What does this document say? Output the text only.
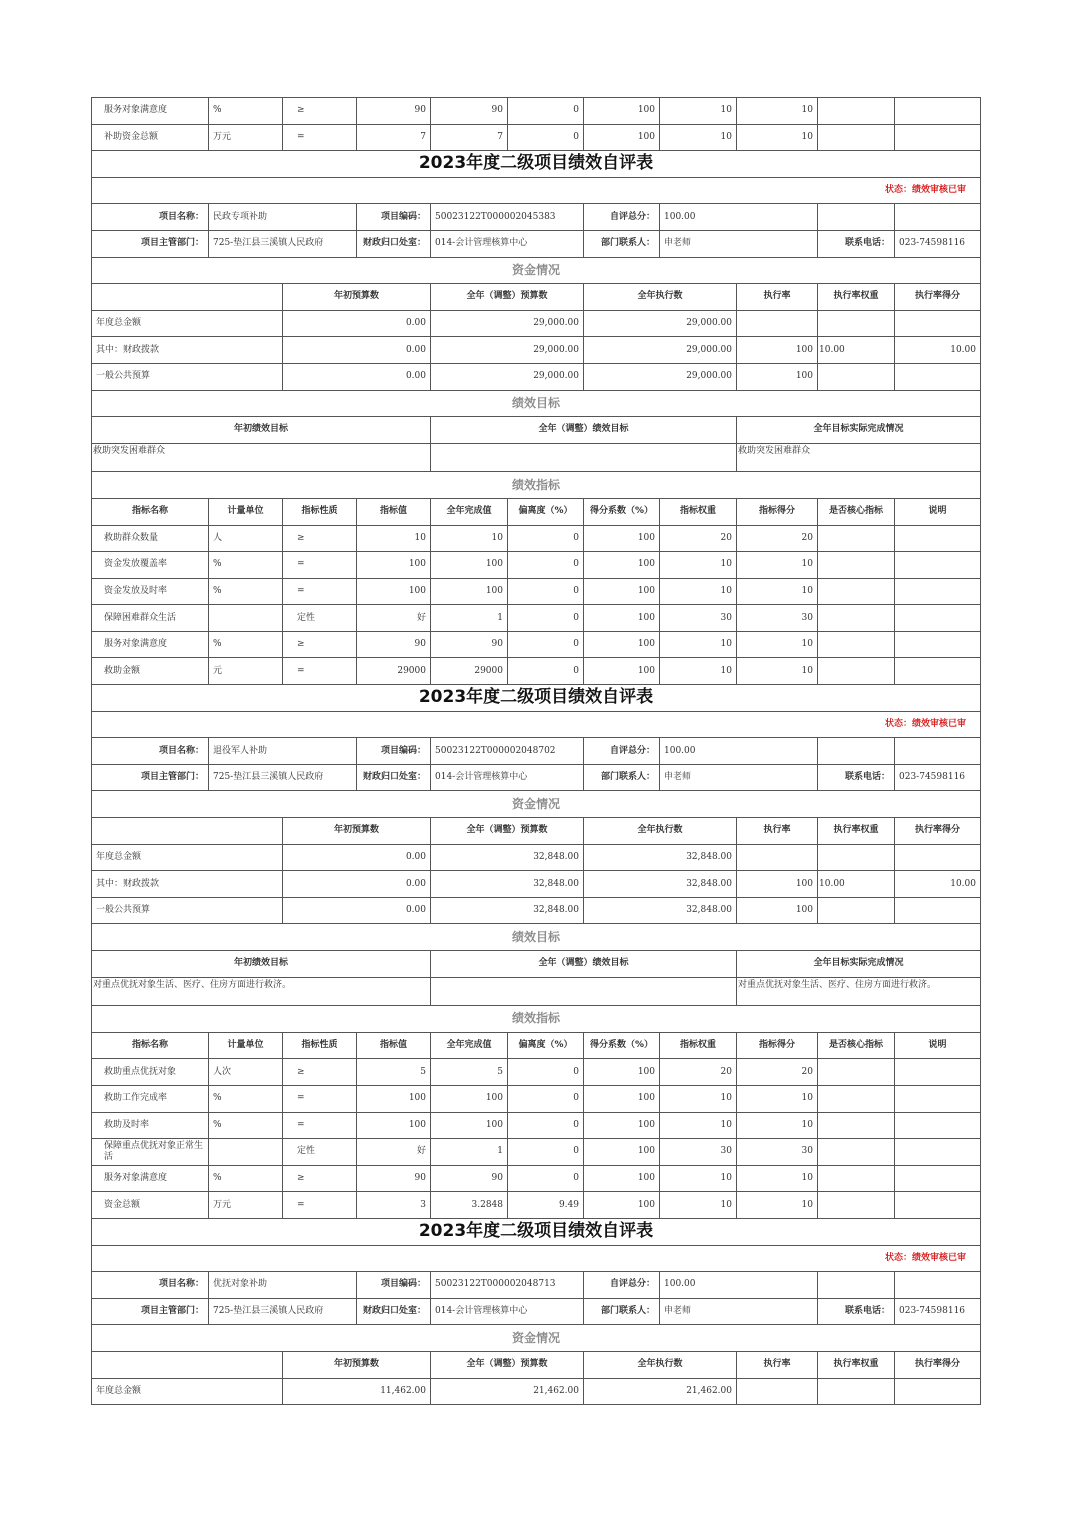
服务对象满意度	%	≥	90	90	0	100	10	10		
补助资金总额	万元	=	7	7	0	100	10	10		
2023年度二级项目绩效自评表										
状态：绩效审核已审										
项目名称：	民政专项补助		项目编码：	50023122T000002045383		自评总分：	100.00			
项目主管部门：	725-垫江县三溪镇人民政府		财政归口处室：	014-会计管理核算中心		部门联系人：	申老师		联系电话：	023-74598116
资金情况										
		年初预算数		全年（调整）预算数		全年执行数		执行率	执行率权重	执行率得分
年度总金额		0.00		29,000.00		29,000.00				
其中：财政拨款		0.00		29,000.00		29,000.00		100	10.00	10.00
一般公共预算		0.00		29,000.00		29,000.00		100		
绩效目标										
年初绩效目标				全年（调整）绩效目标				全年目标实际完成情况		
救助突发困难群众								救助突发困难群众		
绩效指标										
指标名称	计量单位	指标性质	指标值	全年完成值	偏离度（%）	得分系数（%）	指标权重	指标得分	是否核心指标	说明
救助群众数量	人	≥	10	10	0	100	20	20		
资金发放覆盖率	%	=	100	100	0	100	10	10		
资金发放及时率	%	=	100	100	0	100	10	10		
保障困难群众生活		定性	好	1	0	100	30	30		
服务对象满意度	%	≥	90	90	0	100	10	10		
救助金额	元	=	29000	29000	0	100	10	10		
2023年度二级项目绩效自评表										
状态：绩效审核已审										
项目名称：	退役军人补助		项目编码：	50023122T000002048702		自评总分：	100.00			
项目主管部门：	725-垫江县三溪镇人民政府		财政归口处室：	014-会计管理核算中心		部门联系人：	申老师		联系电话：	023-74598116
资金情况										
		年初预算数		全年（调整）预算数		全年执行数		执行率	执行率权重	执行率得分
年度总金额		0.00		32,848.00		32,848.00				
其中：财政拨款		0.00		32,848.00		32,848.00		100	10.00	10.00
一般公共预算		0.00		32,848.00		32,848.00		100		
绩效目标										
年初绩效目标				全年（调整）绩效目标				全年目标实际完成情况		
对重点优抚对象生活、医疗、住房方面进行救济。								对重点优抚对象生活、医疗、住房方面进行救济。		
绩效指标										
指标名称	计量单位	指标性质	指标值	全年完成值	偏离度（%）	得分系数（%）	指标权重	指标得分	是否核心指标	说明
救助重点优抚对象	人次	≥	5	5	0	100	20	20		
救助工作完成率	%	=	100	100	0	100	10	10		
救助及时率	%	=	100	100	0	100	10	10		
保障重点优抚对象正常生活		定性	好	1	0	100	30	30		
服务对象满意度	%	≥	90	90	0	100	10	10		
资金总额	万元	=	3	3.2848	9.49	100	10	10		
2023年度二级项目绩效自评表										
状态：绩效审核已审										
项目名称：	优抚对象补助		项目编码：	50023122T000002048713		自评总分：	100.00			
项目主管部门：	725-垫江县三溪镇人民政府		财政归口处室：	014-会计管理核算中心		部门联系人：	申老师		联系电话：	023-74598116
资金情况										
		年初预算数		全年（调整）预算数		全年执行数		执行率	执行率权重	执行率得分
年度总金额		11,462.00		21,462.00		21,462.00				
